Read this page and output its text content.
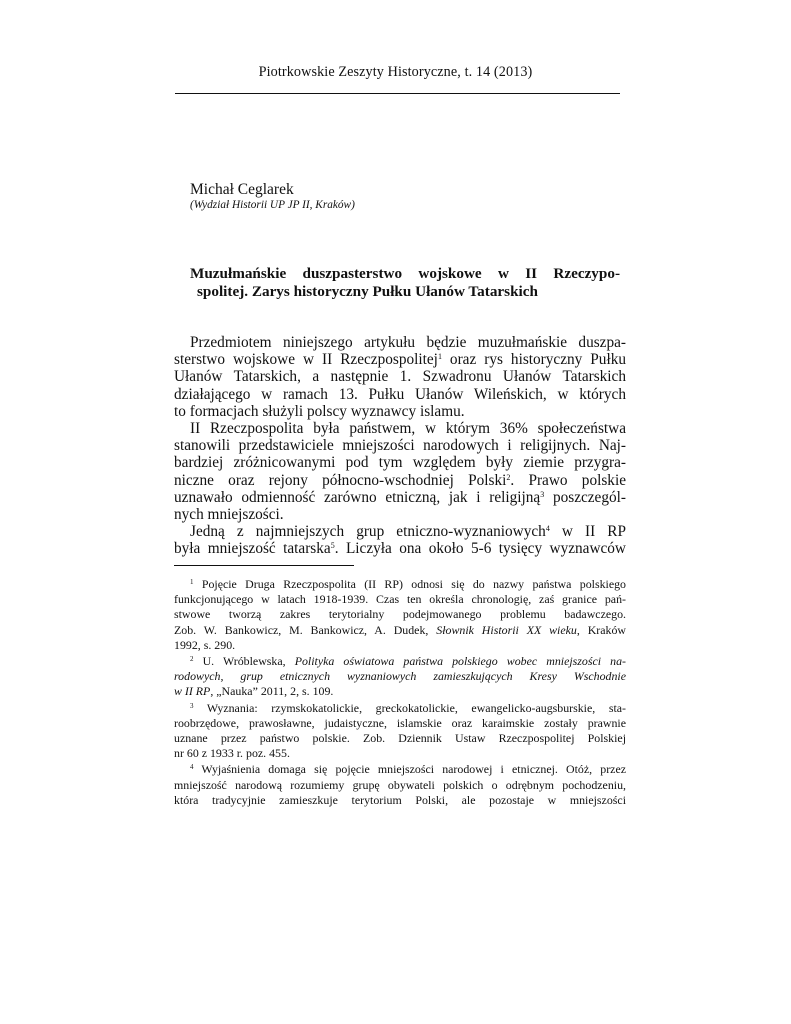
Piotrkowskie Zeszyty Historyczne, t. 14 (2013)
Michał Ceglarek
(Wydział Historii UP JP II, Kraków)
Muzułmańskie duszpasterstwo wojskowe w II Rzeczypo-
spolitej. Zarys historyczny Pułku Ułanów Tatarskich
Przedmiotem niniejszego artykułu będzie muzułmańskie duszpa-
sterstwo wojskowe w II Rzeczpospolitej$^1$ oraz rys historyczny Pułku
Ułanów Tatarskich, a następnie 1. Szwadronu Ułanów Tatarskich
działającego w ramach 13. Pułku Ułanów Wileńskich, w których
to formacjach służyli polscy wyznawcy islamu.
II Rzeczpospolita była państwem, w którym 36% społeczeństwa
stanowili przedstawiciele mniejszości narodowych i religijnych. Naj-
bardziej zróżnicowanymi pod tym względem były ziemie przygra-
niczne oraz rejony północno-wschodniej Polski$^2$. Prawo polskie
uznawało odmienność zarówno etniczną, jak i religijną$^3$ poszczegól-
nych mniejszości.
Jedną z najmniejszych grup etniczno-wyznaniowych$^4$ w II RP
była mniejszość tatarska$^5$. Liczyła ona około 5-6 tysięcy wyznawców
$^1$ Pojęcie Druga Rzeczpospolita (II RP) odnosi się do nazwy państwa polskiego
funkcjonującego w latach 1918-1939. Czas ten określa chronologię, zaś granice pań-
stwowe tworzą zakres terytorialny podejmowanego problemu badawczego.
Zob. W. Bankowicz, M. Bankowicz, A. Dudek, Słownik Historii XX wieku, Kraków
1992, s. 290.
$^2$ U. Wróblewska, Polityka oświatowa państwa polskiego wobec mniejszości na-
rodowych, grup etnicznych wyznaniowych zamieszkujących Kresy Wschodnie
w II RP, „Nauka” 2011, 2, s. 109.
$^3$ Wyznania: rzymskokatolickie, greckokatolickie, ewangelicko-augsburskie, sta-
roobrzędowe, prawosławne, judaistyczne, islamskie oraz karaimskie zostały prawnie
uznane przez państwo polskie. Zob. Dziennik Ustaw Rzeczpospolitej Polskiej
nr 60 z 1933 r. poz. 455.
$^4$ Wyjaśnienia domaga się pojęcie mniejszości narodowej i etnicznej. Otóż, przez
mniejszość narodową rozumiemy grupę obywateli polskich o odrębnym pochodzeniu,
która tradycyjnie zamieszkuje terytorium Polski, ale pozostaje w mniejszości
